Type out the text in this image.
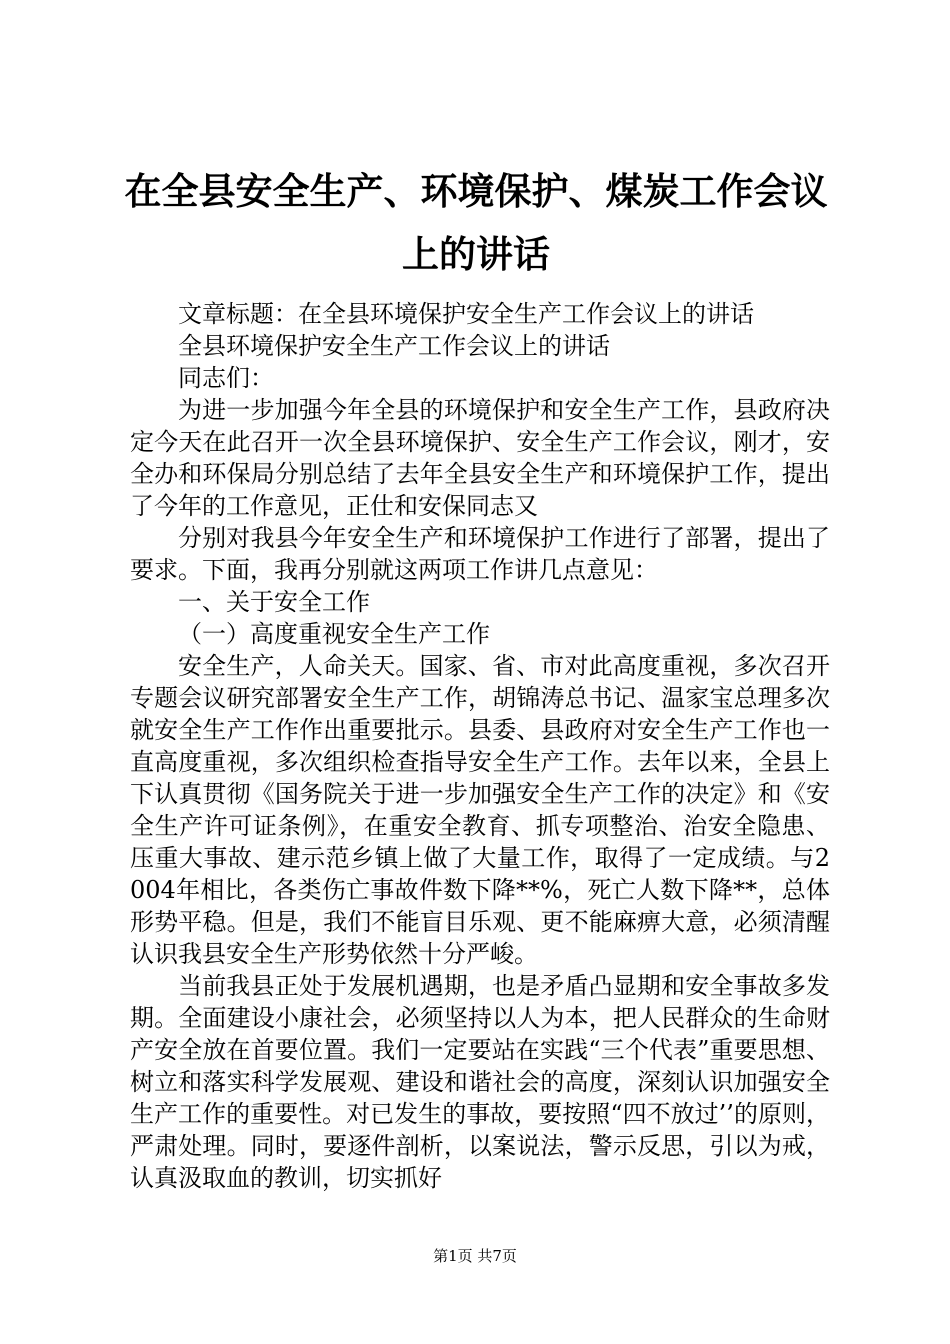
在全县安全生产、环境保护、煤炭工作会议上的讲话

文章标题：在全县环境保护安全生产工作会议上的讲话

全县环境保护安全生产工作会议上的讲话

同志们：

为进一步加强今年全县的环境保护和安全生产工作，县政府决定今天在此召开一次全县环境保护、安全生产工作会议，刚才，安全办和环保局分别总结了去年全县安全生产和环境保护工作，提出了今年的工作意见，正仕和安保同志又

分别对我县今年安全生产和环境保护工作进行了部署，提出了要求。下面，我再分别就这两项工作讲几点意见：

一、关于安全工作

（一）高度重视安全生产工作

安全生产，人命关天。国家、省、市对此高度重视，多次召开专题会议研究部署安全生产工作，胡锦涛总书记、温家宝总理多次就安全生产工作作出重要批示。县委、县政府对安全生产工作也一直高度重视，多次组织检查指导安全生产工作。去年以来，全县上下认真贯彻《国务院关于进一步加强安全生产工作的决定》和《安全生产许可证条例》，在重安全教育、抓专项整治、治安全隐患、压重大事故、建示范乡镇上做了大量工作，取得了一定成绩。与2004年相比，各类伤亡事故件数下降**%，死亡人数下降**，总体形势平稳。但是，我们不能盲目乐观、更不能麻痹大意，必须清醒认识我县安全生产形势依然十分严峻。

当前我县正处于发展机遇期，也是矛盾凸显期和安全事故多发期。全面建设小康社会，必须坚持以人为本，把人民群众的生命财产安全放在首要位置。我们一定要站在实践“三个代表”重要思想、树立和落实科学发展观、建设和谐社会的高度，深刻认识加强安全生产工作的重要性。对已发生的事故，要按照“四不放过’’的原则，严肃处理。同时，要逐件剖析，以案说法，警示反思，引以为戒，认真汲取血的教训，切实抓好

第1页 共7页
